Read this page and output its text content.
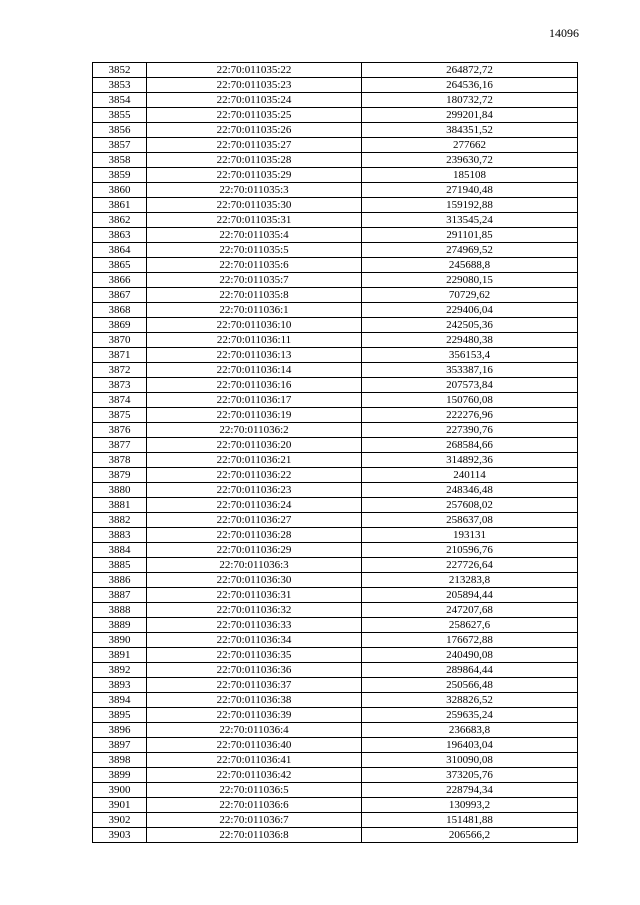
14096
3852	22:70:011035:22	264872,72
3853	22:70:011035:23	264536,16
3854	22:70:011035:24	180732,72
3855	22:70:011035:25	299201,84
3856	22:70:011035:26	384351,52
3857	22:70:011035:27	277662
3858	22:70:011035:28	239630,72
3859	22:70:011035:29	185108
3860	22:70:011035:3	271940,48
3861	22:70:011035:30	159192,88
3862	22:70:011035:31	313545,24
3863	22:70:011035:4	291101,85
3864	22:70:011035:5	274969,52
3865	22:70:011035:6	245688,8
3866	22:70:011035:7	229080,15
3867	22:70:011035:8	70729,62
3868	22:70:011036:1	229406,04
3869	22:70:011036:10	242505,36
3870	22:70:011036:11	229480,38
3871	22:70:011036:13	356153,4
3872	22:70:011036:14	353387,16
3873	22:70:011036:16	207573,84
3874	22:70:011036:17	150760,08
3875	22:70:011036:19	222276,96
3876	22:70:011036:2	227390,76
3877	22:70:011036:20	268584,66
3878	22:70:011036:21	314892,36
3879	22:70:011036:22	240114
3880	22:70:011036:23	248346,48
3881	22:70:011036:24	257608,02
3882	22:70:011036:27	258637,08
3883	22:70:011036:28	193131
3884	22:70:011036:29	210596,76
3885	22:70:011036:3	227726,64
3886	22:70:011036:30	213283,8
3887	22:70:011036:31	205894,44
3888	22:70:011036:32	247207,68
3889	22:70:011036:33	258627,6
3890	22:70:011036:34	176672,88
3891	22:70:011036:35	240490,08
3892	22:70:011036:36	289864,44
3893	22:70:011036:37	250566,48
3894	22:70:011036:38	328826,52
3895	22:70:011036:39	259635,24
3896	22:70:011036:4	236683,8
3897	22:70:011036:40	196403,04
3898	22:70:011036:41	310090,08
3899	22:70:011036:42	373205,76
3900	22:70:011036:5	228794,34
3901	22:70:011036:6	130993,2
3902	22:70:011036:7	151481,88
3903	22:70:011036:8	206566,2
